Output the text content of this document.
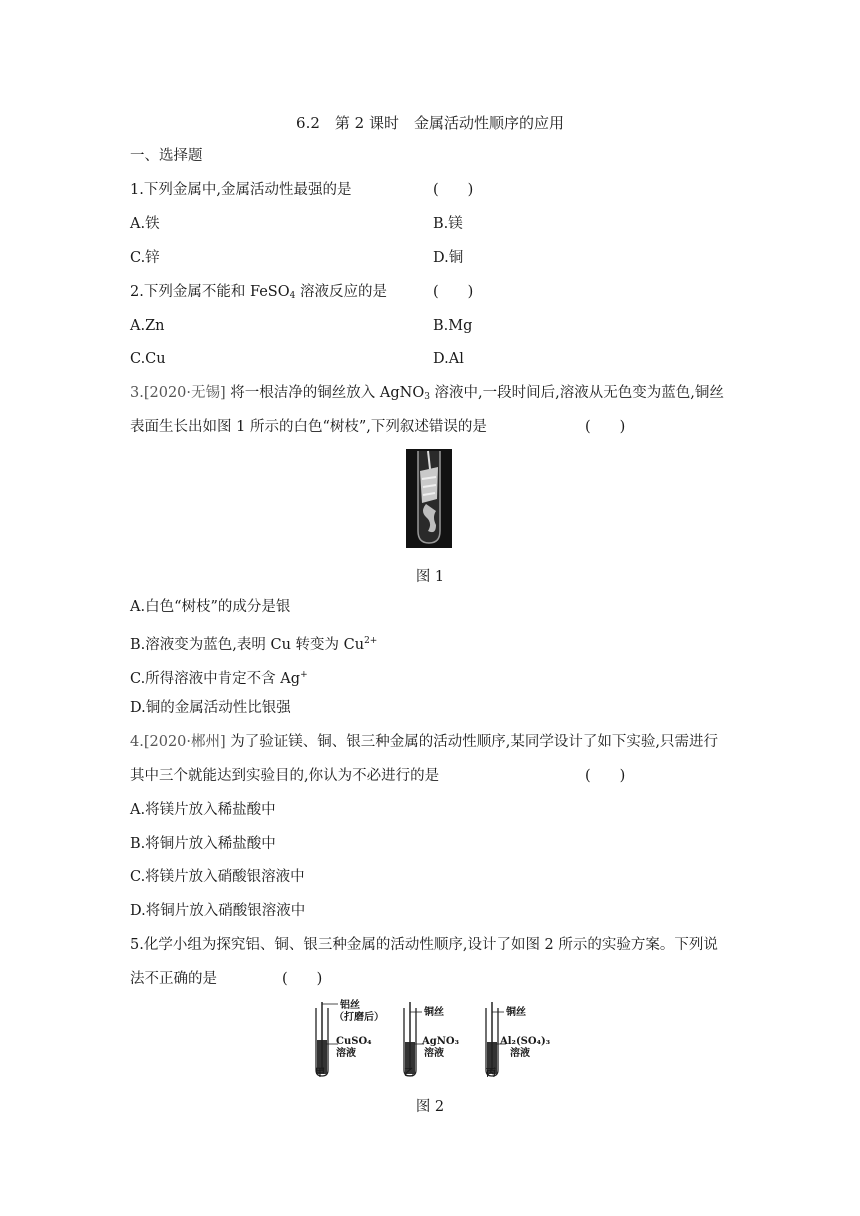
6.2　第 2 课时　金属活动性顺序的应用
一、选择题
1.下列金属中,金属活动性最强的是	(　　)
A.铁	B.镁
C.锌	D.铜
2.下列金属不能和 FeSO$_4$ 溶液反应的是	(　　)
A.Zn	B.Mg
C.Cu	D.Al
3.[2020·无锡] 将一根洁净的铜丝放入 AgNO$_3$ 溶液中,一段时间后,溶液从无色变为蓝色,铜丝
表面生长出如图 1 所示的白色“树枝”,下列叙述错误的是	(　　)
图 1
A.白色“树枝”的成分是银
B.溶液变为蓝色,表明 Cu 转变为 $Cu^{2+}$
C.所得溶液中肯定不含 Ag+
D.铜的金属活动性比银强
4.[2020·郴州] 为了验证镁、铜、银三种金属的活动性顺序,某同学设计了如下实验,只需进行
其中三个就能达到实验目的,你认为不必进行的是	(　　)
A.将镁片放入稀盐酸中
B.将铜片放入稀盐酸中
C.将镁片放入硝酸银溶液中
D.将铜片放入硝酸银溶液中
5.化学小组为探究铝、铜、银三种金属的活动性顺序,设计了如图 2 所示的实验方案。下列说
法不正确的是	(　　)
铝丝
（打磨后）
CuSO₄
溶液
甲
铜丝
AgNO₃
溶液
乙
铜丝
Al₂(SO₄)₃
溶液
丙
图 2
